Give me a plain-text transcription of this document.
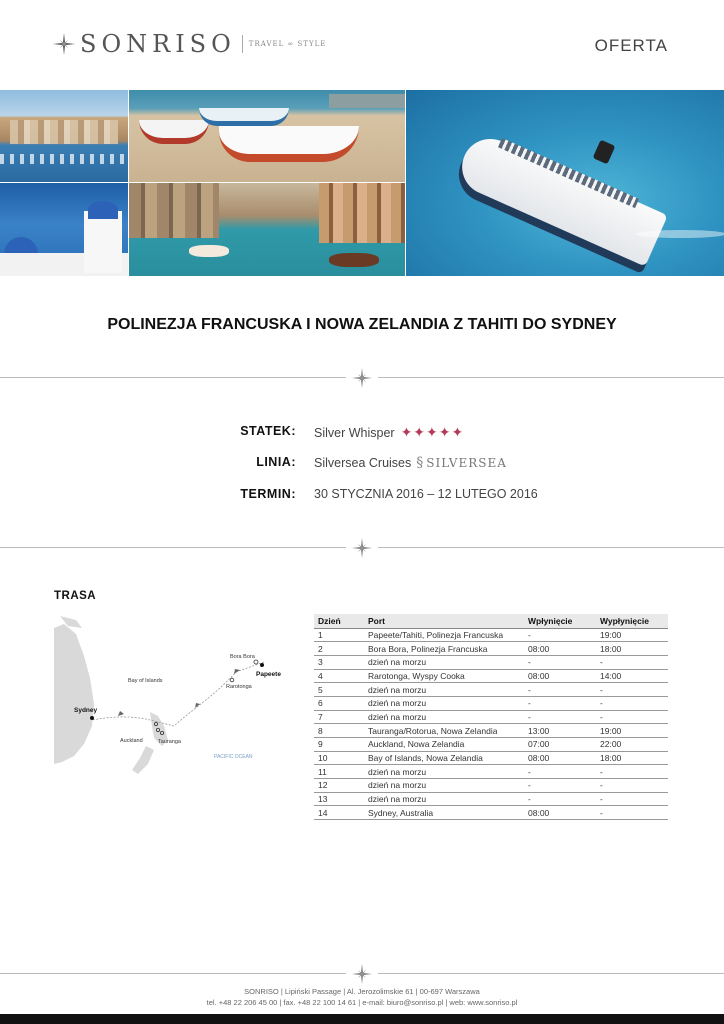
SONRISO TRAVEL ∞ STYLE	OFERTA
POLINEZJA FRANCUSKA I NOWA ZELANDIA Z TAHITI DO SYDNEY
STATEK: Silver Whisper ✦✦✦✦✦
LINIA: Silversea Cruises § SILVERSEA
TERMIN: 30 STYCZNIA 2016 – 12 LUTEGO 2016
TRASA
Bora Bora
Papeete
Rarotonga
Bay of Islands
Sydney
Auckland	Tauranga
PACIFIC OCEAN
Dzień	Port	Wpłynięcie	Wypłynięcie
1	Papeete/Tahiti, Polinezja Francuska	-	19:00
2	Bora Bora, Polinezja Francuska	08:00	18:00
3	dzień na morzu	-	-
4	Rarotonga, Wyspy Cooka	08:00	14:00
5	dzień na morzu	-	-
6	dzień na morzu	-	-
7	dzień na morzu	-	-
8	Tauranga/Rotorua, Nowa Zelandia	13:00	19:00
9	Auckland, Nowa Zelandia	07:00	22:00
10	Bay of Islands, Nowa Zelandia	08:00	18:00
11	dzień na morzu	-	-
12	dzień na morzu	-	-
13	dzień na morzu	-	-
14	Sydney, Australia	08:00	-
SONRISO | Lipiński Passage | Al. Jerozolimskie 61 | 00-697 Warszawa
tel. +48 22 206 45 00 | fax. +48 22 100 14 61 | e-mail: biuro@sonriso.pl | web: www.sonriso.pl
